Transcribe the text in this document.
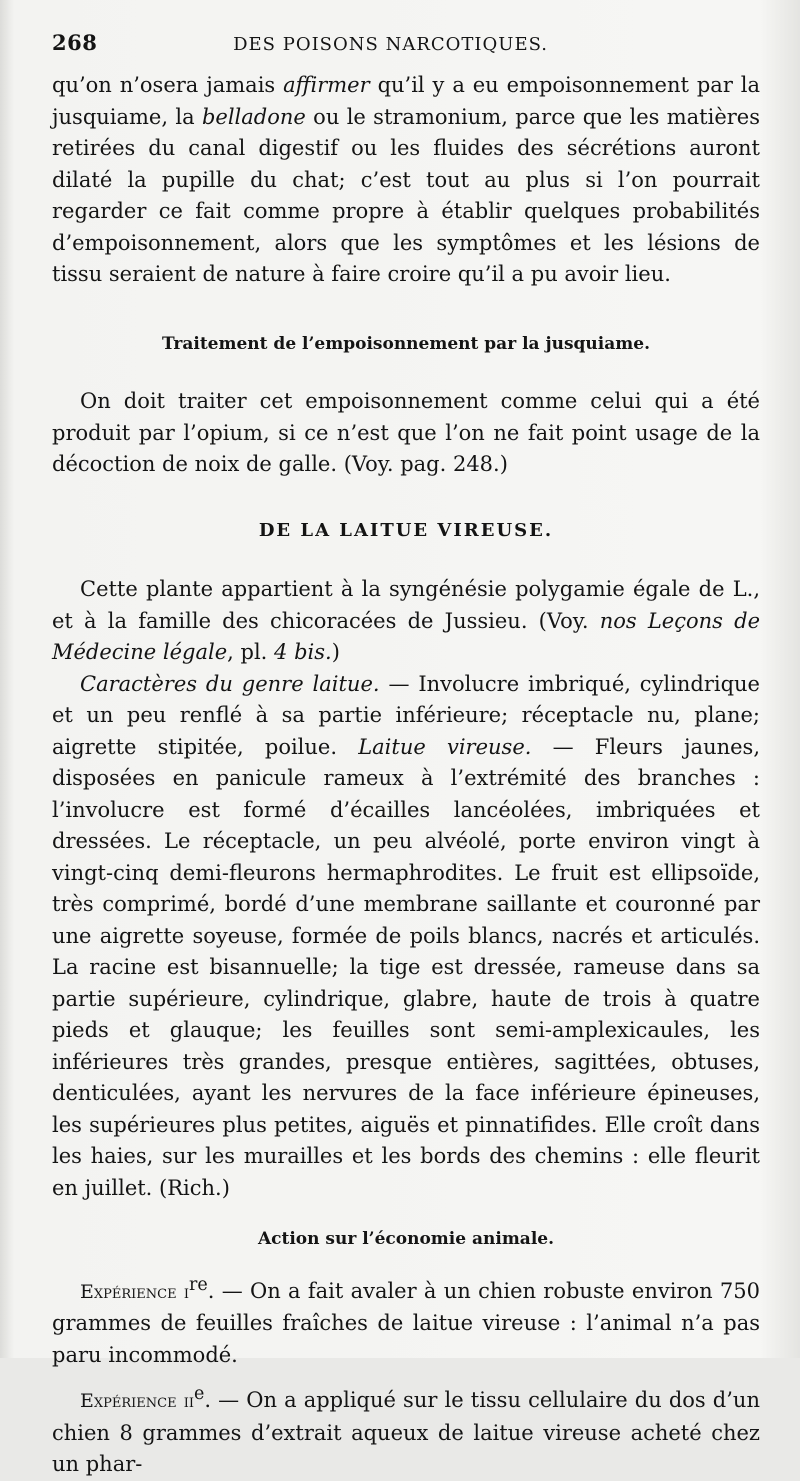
268	DES POISONS NARCOTIQUES.

qu’on n’osera jamais affirmer qu’il y a eu empoisonnement par la jusquiame, la belladone ou le stramonium, parce que les matières retirées du canal digestif ou les fluides des sécrétions auront dilaté la pupille du chat; c’est tout au plus si l’on pourrait regarder ce fait comme propre à établir quelques probabilités d’empoisonnement, alors que les symptômes et les lésions de tissu seraient de nature à faire croire qu’il a pu avoir lieu.

Traitement de l’empoisonnement par la jusquiame.

On doit traiter cet empoisonnement comme celui qui a été produit par l’opium, si ce n’est que l’on ne fait point usage de la décoction de noix de galle. (Voy. pag. 248.)

DE LA LAITUE VIREUSE.

Cette plante appartient à la syngénésie polygamie égale de L., et à la famille des chicoracées de Jussieu. (Voy. nos Leçons de Médecine légale, pl. 4 bis.)

Caractères du genre laitue. — Involucre imbriqué, cylindrique et un peu renflé à sa partie inférieure; réceptacle nu, plane; aigrette stipitée, poilue. Laitue vireuse. — Fleurs jaunes, disposées en panicule rameux à l’extrémité des branches : l’involucre est formé d’écailles lancéolées, imbriquées et dressées. Le réceptacle, un peu alvéolé, porte environ vingt à vingt-cinq demi-fleurons hermaphrodites. Le fruit est ellipsoïde, très comprimé, bordé d’une membrane saillante et couronné par une aigrette soyeuse, formée de poils blancs, nacrés et articulés. La racine est bisannuelle; la tige est dressée, rameuse dans sa partie supérieure, cylindrique, glabre, haute de trois à quatre pieds et glauque; les feuilles sont semi-amplexicaules, les inférieures très grandes, presque entières, sagittées, obtuses, denticulées, ayant les nervures de la face inférieure épineuses, les supérieures plus petites, aiguës et pinnatifides. Elle croît dans les haies, sur les murailles et les bords des chemins : elle fleurit en juillet. (Rich.)

Action sur l’économie animale.

Expérience $i^{re}$. — On a fait avaler à un chien robuste environ 750 grammes de feuilles fraîches de laitue vireuse : l’animal n’a pas paru incommodé.

Expérience $ii^e$. — On a appliqué sur le tissu cellulaire du dos d’un chien 8 grammes d’extrait aqueux de laitue vireuse acheté chez un phar-
